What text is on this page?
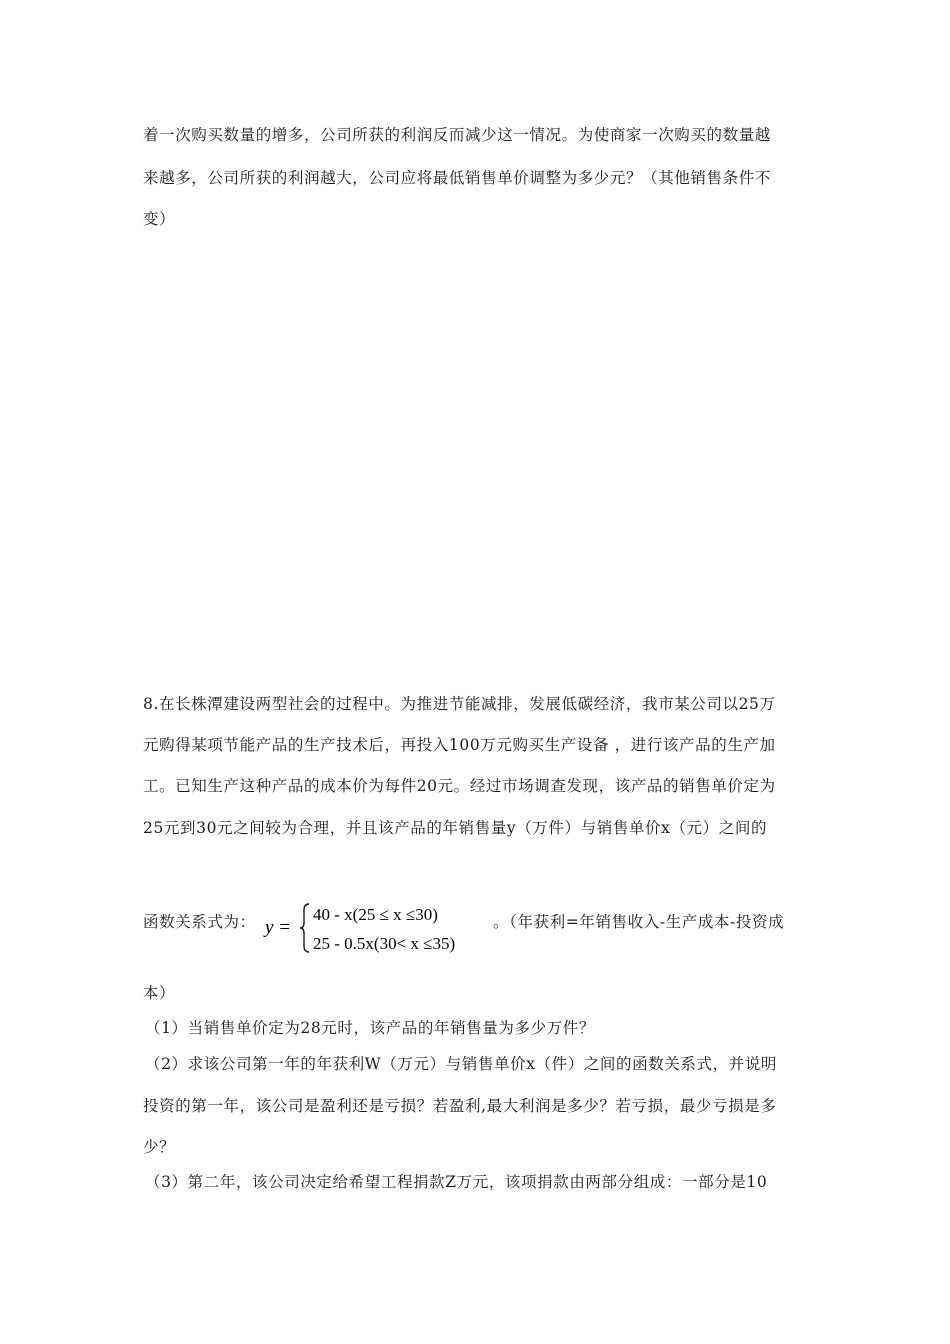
着一次购买数量的增多，公司所获的利润反而减少这一情况。为使商家一次购买的数量越
来越多，公司所获的利润越大，公司应将最低销售单价调整为多少元？（其他销售条件不
变）
8.在长株潭建设两型社会的过程中。为推进节能减排，发展低碳经济，我市某公司以25万
元购得某项节能产品的生产技术后，再投入100万元购买生产设备 ，进行该产品的生产加
工。已知生产这种产品的成本价为每件20元。经过市场调查发现，该产品的销售单价定为
25元到30元之间较为合理，并且该产品的年销售量y（万件）与销售单价x（元）之间的
函数关系式为： y =
40 - x(25 ≤ x ≤30)
25 - 0.5x(30< x ≤35)
。（年获利=年销售收入-生产成本-投资成
本）
（1）当销售单价定为28元时，该产品的年销售量为多少万件？
（2）求该公司第一年的年获利W（万元）与销售单价x（件）之间的函数关系式，并说明
投资的第一年，该公司是盈利还是亏损？若盈利,最大利润是多少？若亏损，最少亏损是多
少？
（3）第二年，该公司决定给希望工程捐款Z万元，该项捐款由两部分组成：一部分是10
